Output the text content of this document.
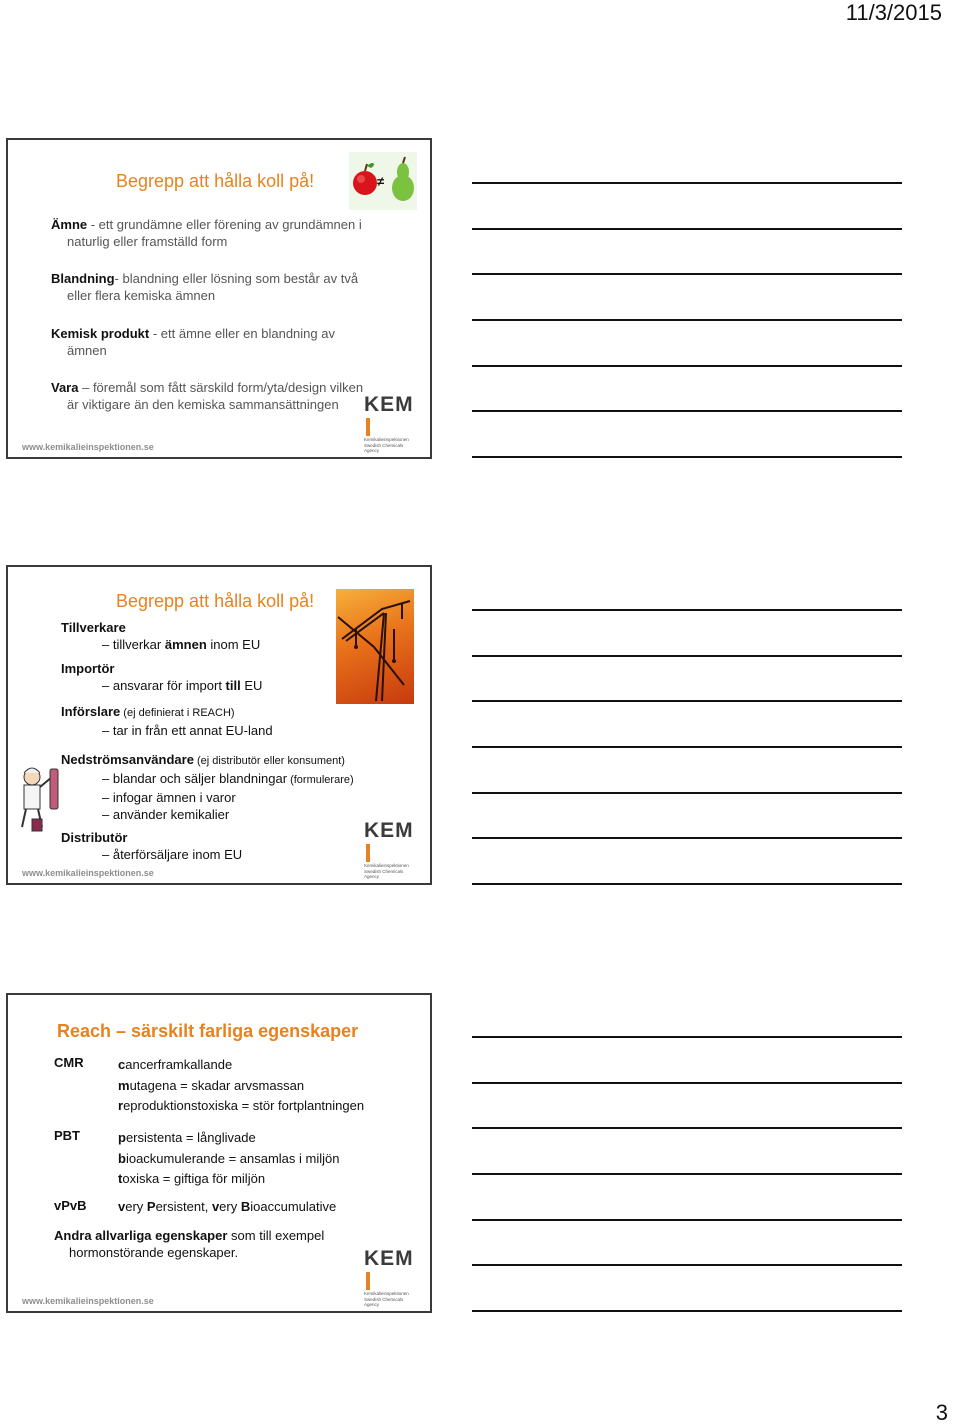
11/3/2015
Begrepp att hålla koll på!	≠
Ämne - ett grundämne eller förening av grundämnen i
naturlig eller framställd form
Blandning- blandning eller lösning som består av två
eller flera kemiska ämnen
Kemisk produkt - ett ämne eller en blandning av
ämnen
Vara – föremål som fått särskild form/yta/design vilken
är viktigare än den kemiska sammansättningen
www.kemikalieinspektionen.se
KEM
Kemikalieinspektionen
Swedish Chemicals Agency
Begrepp att hålla koll på!
Tillverkare
– tillverkar ämnen inom EU
Importör
– ansvarar för import till EU
Införslare (ej definierat i REACH)
– tar in från ett annat EU-land
Nedströmsanvändare (ej distributör eller konsument)
– blandar och säljer blandningar (formulerare)
– infogar ämnen i varor
– använder kemikalier
Distributör
– återförsäljare inom EU
www.kemikalieinspektionen.se
KEM
Kemikalieinspektionen
Swedish Chemicals Agency
Reach – särskilt farliga egenskaper
CMR	cancerframkallande
mutagena = skadar arvsmassan
reproduktionstoxiska = stör fortplantningen
PBT	persistenta = långlivade
bioackumulerande = ansamlas i miljön
toxiska = giftiga för miljön
vPvB very Persistent, very Bioaccumulative
Andra allvarliga egenskaper som till exempel
hormonstörande egenskaper.
www.kemikalieinspektionen.se
KEM
Kemikalieinspektionen
Swedish Chemicals Agency
3
